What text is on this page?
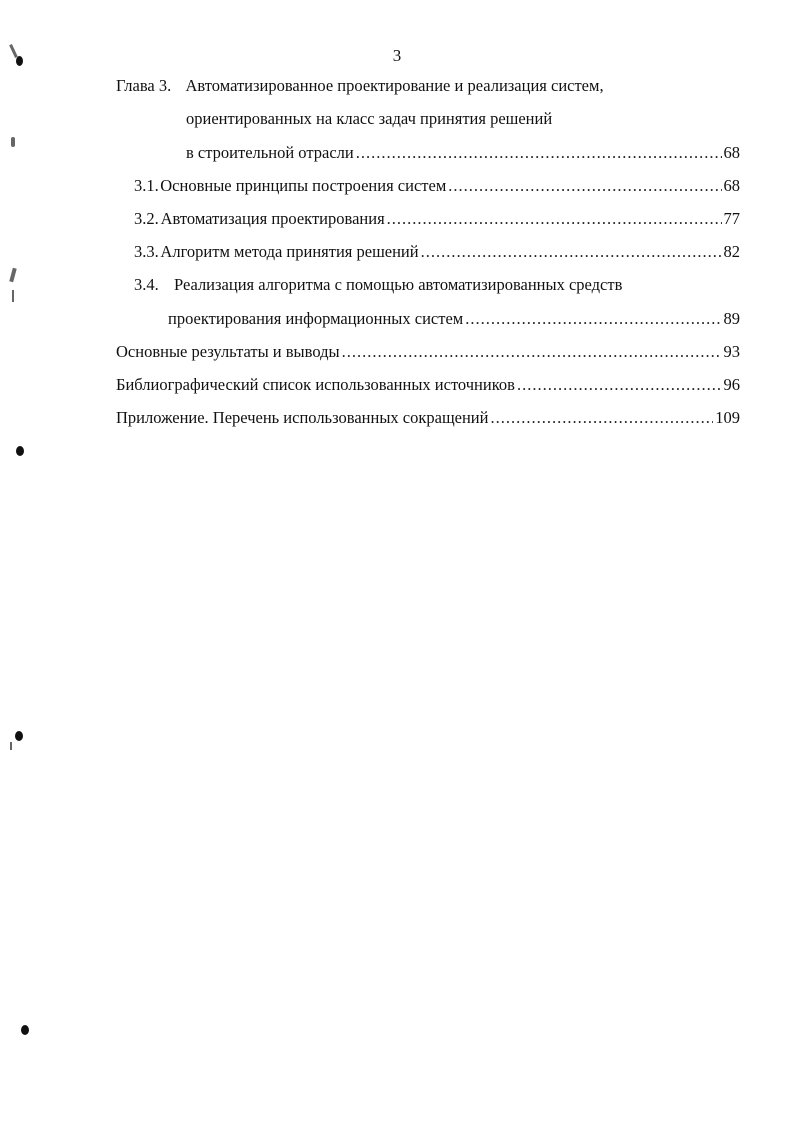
3
Глава 3. Автоматизированное проектирование и реализация систем,
ориентированных на класс задач принятия решений
в строительной отрасли .....	68
3.1. Основные принципы построения систем .....	68
3.2. Автоматизация проектирования .....	77
3.3. Алгоритм метода принятия решений .....	82
3.4. Реализация алгоритма с помощью автоматизированных средств
проектирования информационных систем .....	89
Основные результаты и выводы .....	93
Библиографический список использованных источников .....	96
Приложение. Перечень использованных сокращений .....	109
